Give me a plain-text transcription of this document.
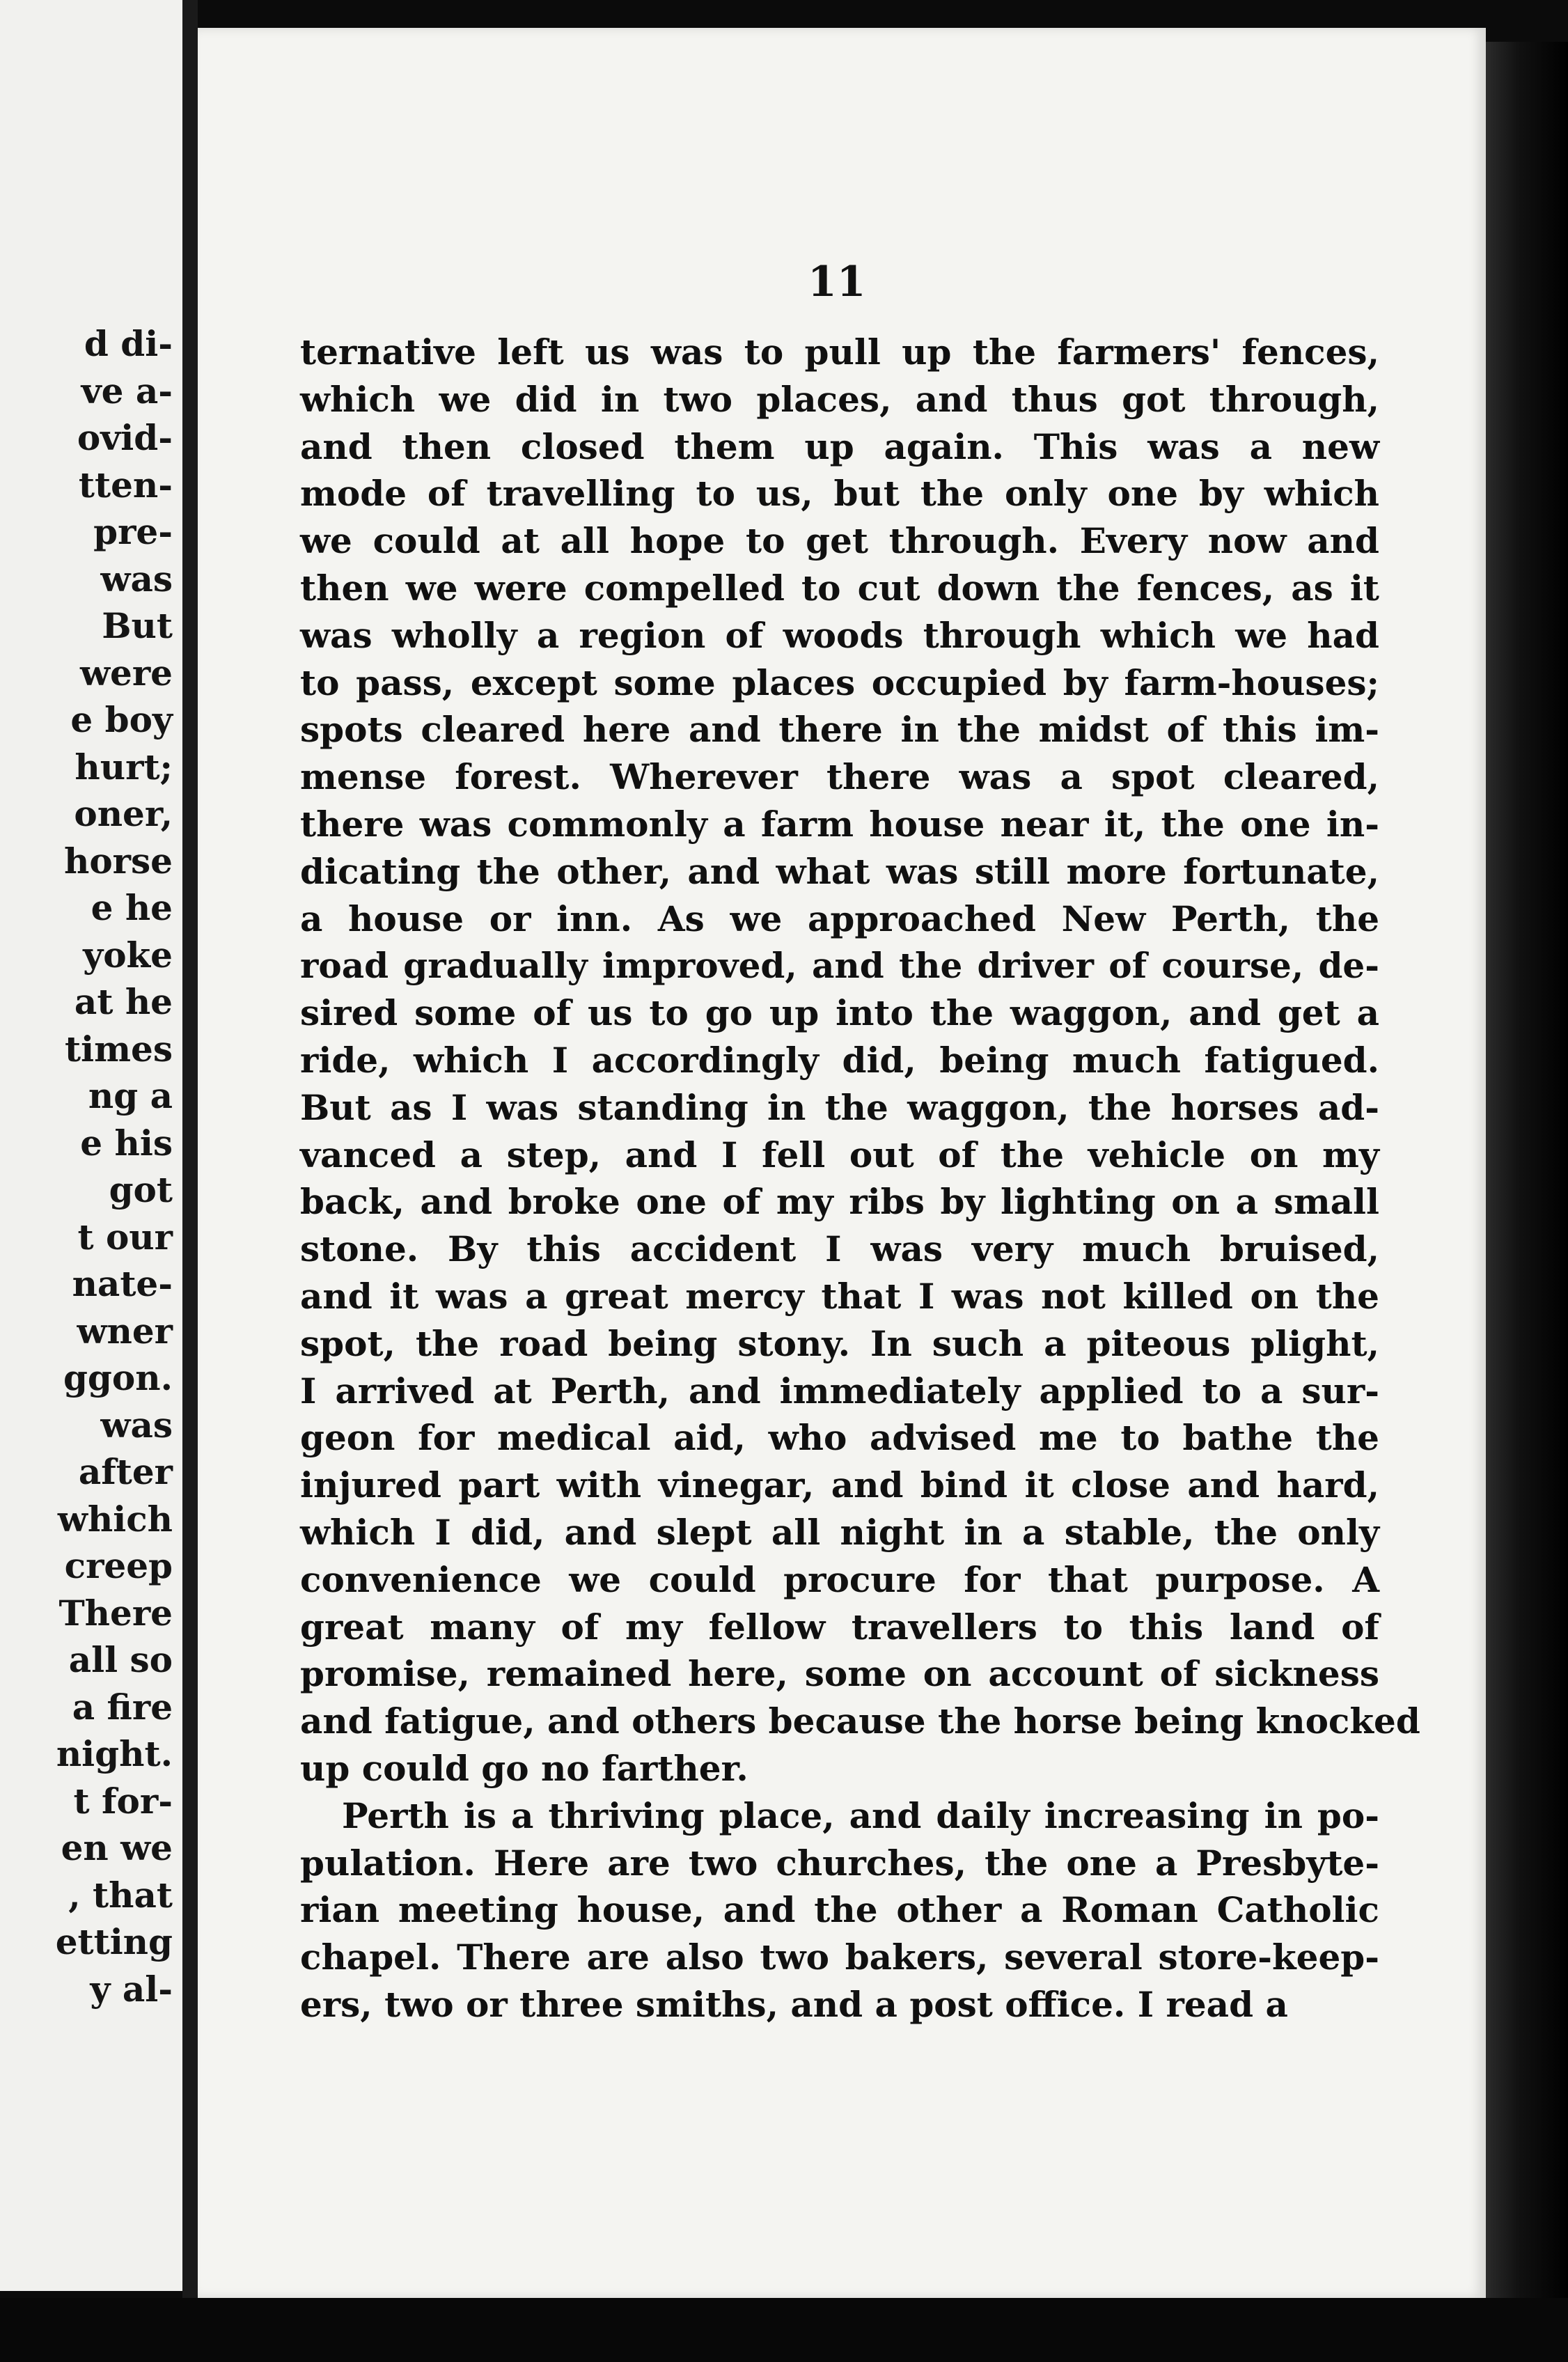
d di-
ve a-
ovid-
tten-
pre-
was
But
were
e boy
hurt;
oner,
horse
e he
yoke
at he
times
ng a
e his
got
t our
nate-
wner
ggon.
was
after
which
creep
There
all so
a fire
night.
t for-
en we
, that
etting
y al-
11
ternative left us was to pull up the farmers' fences,
which we did in two places, and thus got through,
and then closed them up again. This was a new
mode of travelling to us, but the only one by which
we could at all hope to get through. Every now and
then we were compelled to cut down the fences, as it
was wholly a region of woods through which we had
to pass, except some places occupied by farm-houses;
spots cleared here and there in the midst of this im-
mense forest. Wherever there was a spot cleared,
there was commonly a farm house near it, the one in-
dicating the other, and what was still more fortunate,
a house or inn. As we approached New Perth, the
road gradually improved, and the driver of course, de-
sired some of us to go up into the waggon, and get a
ride, which I accordingly did, being much fatigued.
But as I was standing in the waggon, the horses ad-
vanced a step, and I fell out of the vehicle on my
back, and broke one of my ribs by lighting on a small
stone. By this accident I was very much bruised,
and it was a great mercy that I was not killed on the
spot, the road being stony. In such a piteous plight,
I arrived at Perth, and immediately applied to a sur-
geon for medical aid, who advised me to bathe the
injured part with vinegar, and bind it close and hard,
which I did, and slept all night in a stable, the only
convenience we could procure for that purpose. A
great many of my fellow travellers to this land of
promise, remained here, some on account of sickness
and fatigue, and others because the horse being knocked
up could go no farther.
Perth is a thriving place, and daily increasing in po-
pulation. Here are two churches, the one a Presbyte-
rian meeting house, and the other a Roman Catholic
chapel. There are also two bakers, several store-keep-
ers, two or three smiths, and a post office. I read a
